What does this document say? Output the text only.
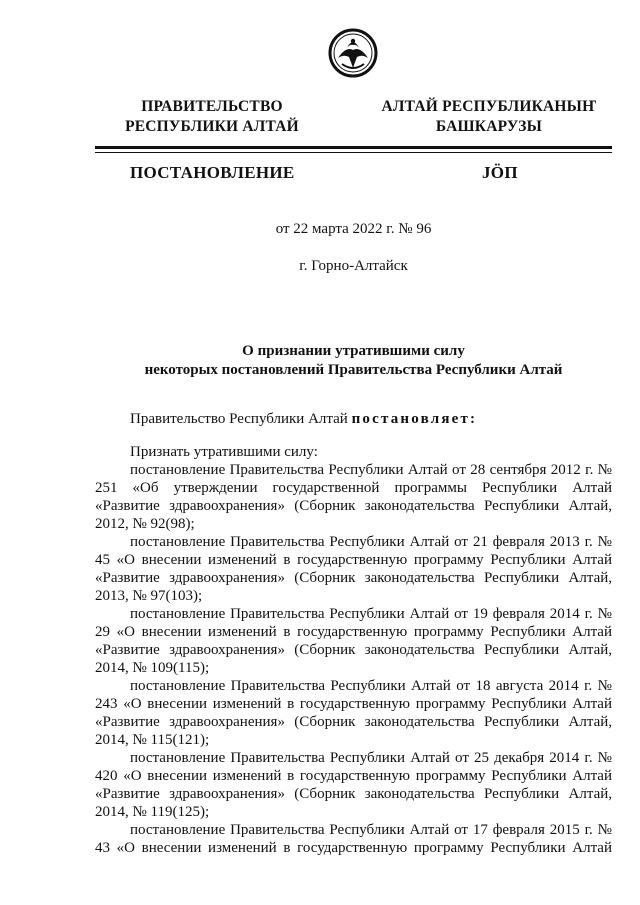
ПРАВИТЕЛЬСТВО
РЕСПУБЛИКИ АЛТАЙ
АЛТАЙ РЕСПУБЛИКАНЫҤ
БАШКАРУЗЫ
ПОСТАНОВЛЕНИЕ	JÖП
от 22 марта 2022 г. № 96
г. Горно-Алтайск
О признании утратившими силу
некоторых постановлений Правительства Республики Алтай
Правительство Республики Алтай постановляет:

Признать утратившими силу:

постановление Правительства Республики Алтай от 28 сентября 2012 г. № 251 «Об утверждении государственной программы Республики Алтай «Развитие здравоохранения» (Сборник законодательства Республики Алтай, 2012, № 92(98);

постановление Правительства Республики Алтай от 21 февраля 2013 г. № 45 «О внесении изменений в государственную программу Республики Алтай «Развитие здравоохранения» (Сборник законодательства Республики Алтай, 2013, № 97(103);

постановление Правительства Республики Алтай от 19 февраля 2014 г. № 29 «О внесении изменений в государственную программу Республики Алтай «Развитие здравоохранения» (Сборник законодательства Республики Алтай, 2014, № 109(115);

постановление Правительства Республики Алтай от 18 августа 2014 г. № 243 «О внесении изменений в государственную программу Республики Алтай «Развитие здравоохранения» (Сборник законодательства Республики Алтай, 2014, № 115(121);

постановление Правительства Республики Алтай от 25 декабря 2014 г. № 420 «О внесении изменений в государственную программу Республики Алтай «Развитие здравоохранения» (Сборник законодательства Республики Алтай, 2014, № 119(125);

постановление Правительства Республики Алтай от 17 февраля 2015 г. № 43 «О внесении изменений в государственную программу Республики Алтай
